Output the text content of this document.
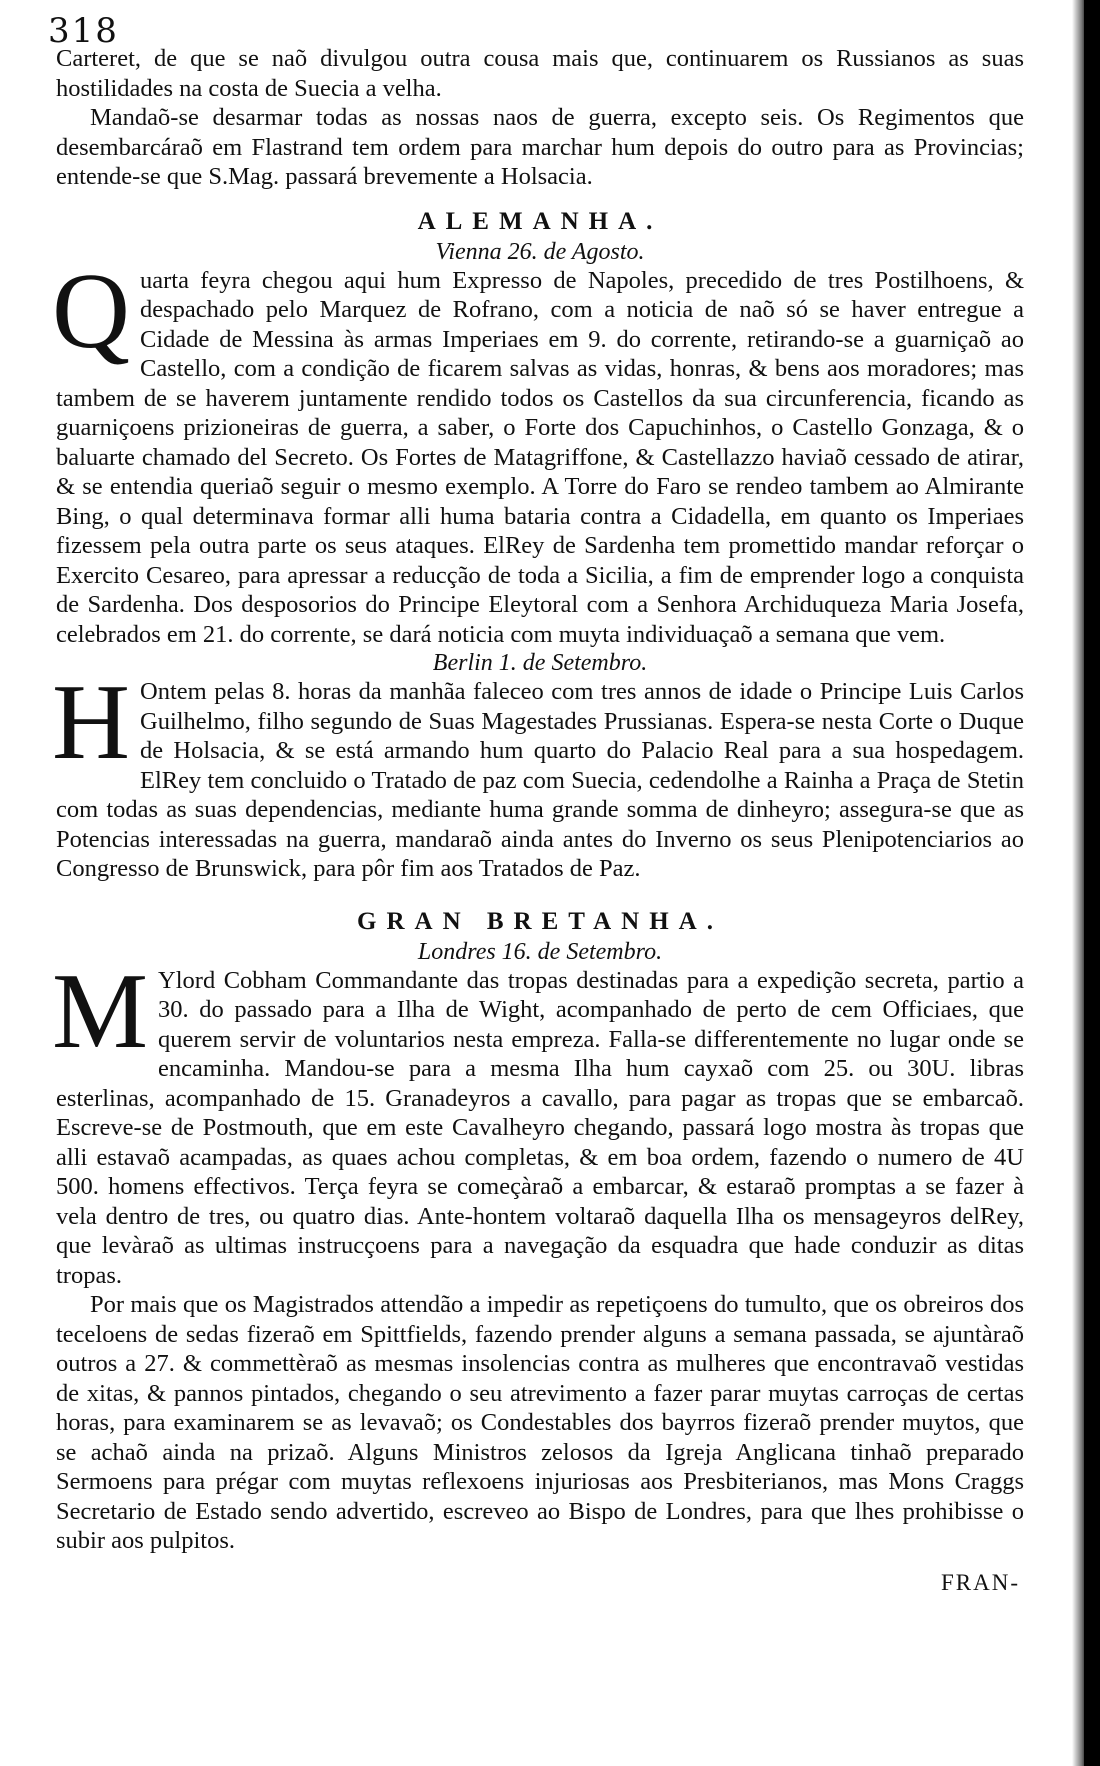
318

Carteret, de que se naõ divulgou outra cousa mais que, continuarem os Russianos as suas hostilidades na costa de Suecia a velha.

Mandaõ-se desarmar todas as nossas naos de guerra, excepto seis. Os Regimentos que desembarcáraõ em Flastrand tem ordem para marchar hum depois do outro para as Provincias; entende-se que S.Mag. passará brevemente a Holsacia.

ALEMANHA.

Vienna 26. de Agosto.

Q uarta feyra chegou aqui hum Expresso de Napoles, precedido de tres Postilhoens, & despachado pelo Marquez de Rofrano, com a noticia de naõ só se haver entregue a Cidade de Messina às armas Imperiaes em 9. do corrente, retirando-se a guarniçaõ ao Castello, com a condição de ficarem salvas as vidas, honras, & bens aos moradores; mas tambem de se haverem juntamente rendido todos os Castellos da sua circunferencia, ficando as guarniçoens prizioneiras de guerra, a saber, o Forte dos Capuchinhos, o Castello Gonzaga, & o baluarte chamado del Secreto. Os Fortes de Matagriffone, & Castellazzo haviaõ cessado de atirar, & se entendia queriaõ seguir o mesmo exemplo. A Torre do Faro se rendeo tambem ao Almirante Bing, o qual determinava formar alli huma bataria contra a Cidadella, em quanto os Imperiaes fizessem pela outra parte os seus ataques. ElRey de Sardenha tem promettido mandar reforçar o Exercito Cesareo, para apressar a reducção de toda a Sicilia, a fim de emprender logo a conquista de Sardenha. Dos desposorios do Principe Eleytoral com a Senhora Archiduqueza Maria Josefa, celebrados em 21. do corrente, se dará noticia com muyta individuaçaõ a semana que vem.

Berlin 1. de Setembro.

H Ontem pelas 8. horas da manhãa faleceo com tres annos de idade o Principe Luis Carlos Guilhelmo, filho segundo de Suas Magestades Prussianas. Espera-se nesta Corte o Duque de Holsacia, & se está armando hum quarto do Palacio Real para a sua hospedagem. ElRey tem concluido o Tratado de paz com Suecia, cedendolhe a Rainha a Praça de Stetin com todas as suas dependencias, mediante huma grande somma de dinheyro; assegura-se que as Potencias interessadas na guerra, mandaraõ ainda antes do Inverno os seus Plenipotenciarios ao Congresso de Brunswick, para pôr fim aos Tratados de Paz.

GRAN BRETANHA.

Londres 16. de Setembro.

M Ylord Cobham Commandante das tropas destinadas para a expedição secreta, partio a 30. do passado para a Ilha de Wight, acompanhado de perto de cem Officiaes, que querem servir de voluntarios nesta empreza. Falla-se differentemente no lugar onde se encaminha. Mandou-se para a mesma Ilha hum cayxaõ com 25. ou 30U. libras esterlinas, acompanhado de 15. Granadeyros a cavallo, para pagar as tropas que se embarcaõ. Escreve-se de Postmouth, que em este Cavalheyro chegando, passará logo mostra às tropas que alli estavaõ acampadas, as quaes achou completas, & em boa ordem, fazendo o numero de 4U 500. homens effectivos. Terça feyra se começàraõ a embarcar, & estaraõ promptas a se fazer à vela dentro de tres, ou quatro dias. Ante-hontem voltaraõ daquella Ilha os mensageyros delRey, que levàraõ as ultimas instrucçoens para a navegação da esquadra que hade conduzir as ditas tropas.

Por mais que os Magistrados attendão a impedir as repetiçoens do tumulto, que os obreiros dos teceloens de sedas fizeraõ em Spittfields, fazendo prender alguns a semana passada, se ajuntàraõ outros a 27. & commettèraõ as mesmas insolencias contra as mulheres que encontravaõ vestidas de xitas, & pannos pintados, chegando o seu atrevimento a fazer parar muytas carroças de certas horas, para examinarem se as levavaõ; os Condestables dos bayrros fizeraõ prender muytos, que se achaõ ainda na prizaõ. Alguns Ministros zelosos da Igreja Anglicana tinhaõ preparado Sermoens para prégar com muytas reflexoens injuriosas aos Presbiterianos, mas Mons Craggs Secretario de Estado sendo advertido, escreveo ao Bispo de Londres, para que lhes prohibisse o subir aos pulpitos.

FRAN-
